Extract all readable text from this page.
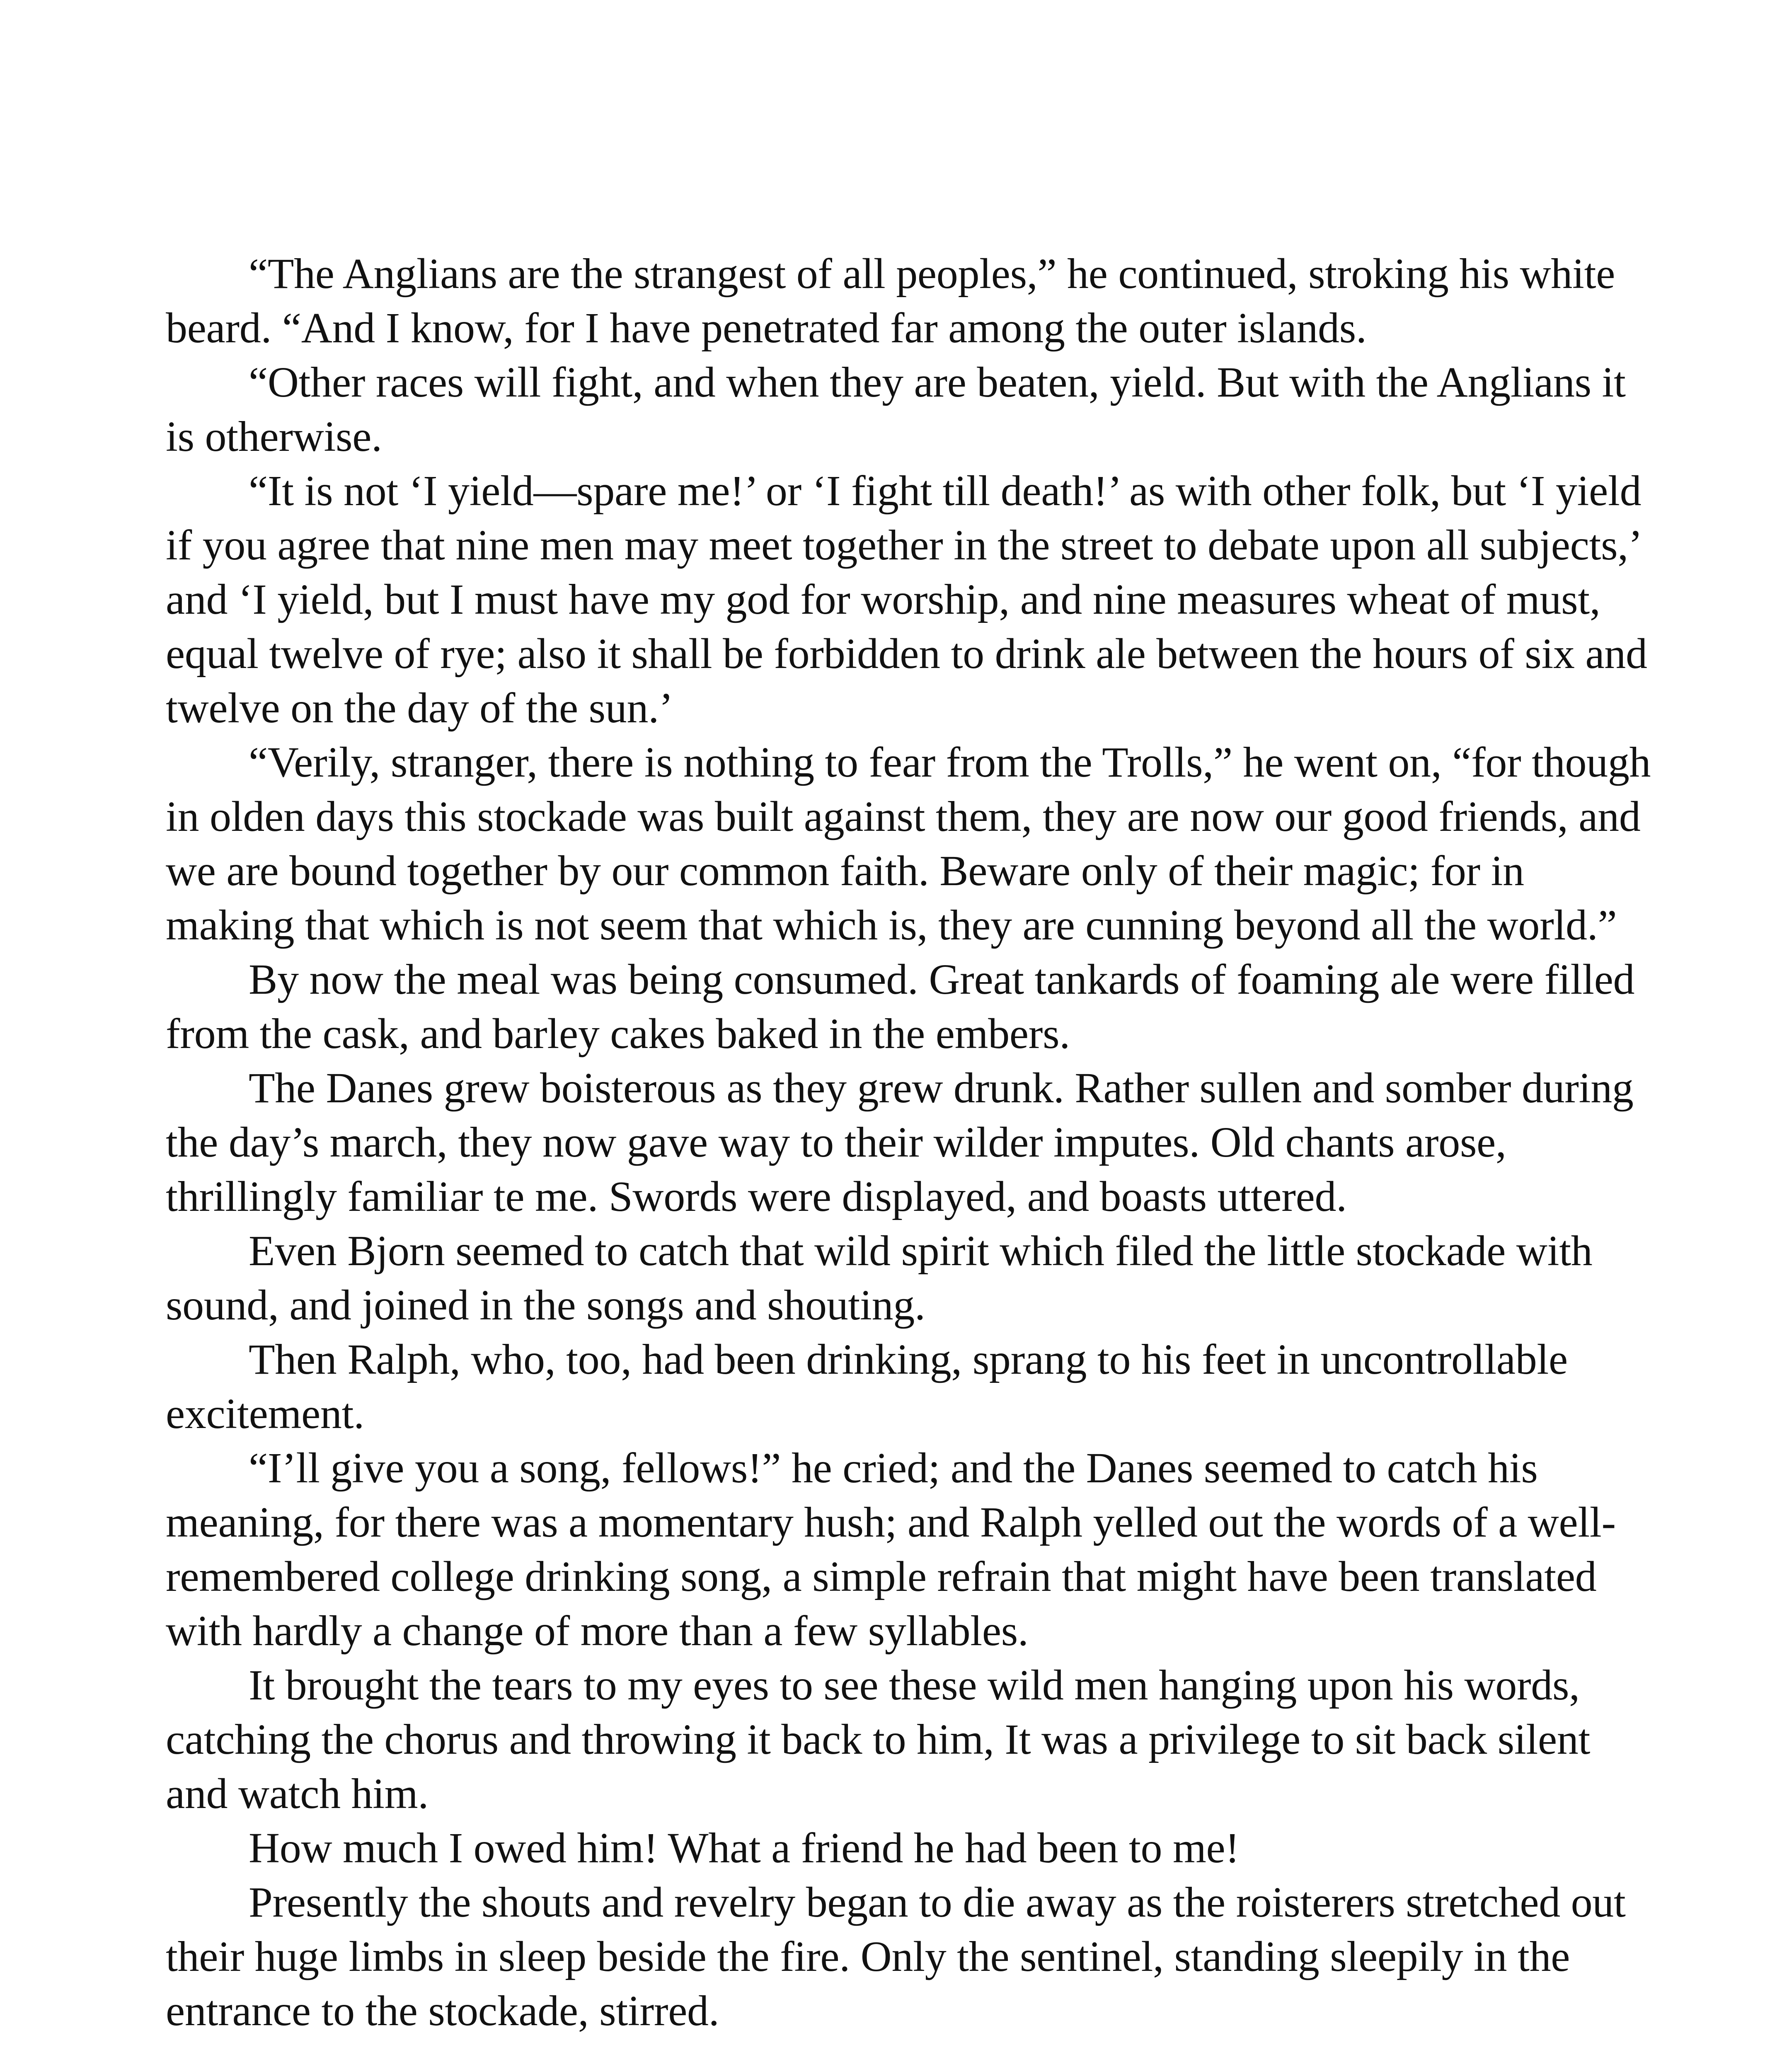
“The Anglians are the strangest of all peoples,” he continued, stroking his white beard. “And I know, for I have penetrated far among the outer islands.

“Other races will fight, and when they are beaten, yield. But with the Anglians it is otherwise.

“It is not ‘I yield—spare me!’ or ‘I fight till death!’ as with other folk, but ‘I yield if you agree that nine men may meet together in the street to debate upon all subjects,’ and ‘I yield, but I must have my god for worship, and nine measures wheat of must, equal twelve of rye; also it shall be forbidden to drink ale between the hours of six and twelve on the day of the sun.’

“Verily, stranger, there is nothing to fear from the Trolls,” he went on, “for though in olden days this stockade was built against them, they are now our good friends, and we are bound together by our common faith. Beware only of their magic; for in making that which is not seem that which is, they are cunning beyond all the world.”

By now the meal was being consumed. Great tankards of foaming ale were filled from the cask, and barley cakes baked in the embers.

The Danes grew boisterous as they grew drunk. Rather sullen and somber during the day’s march, they now gave way to their wilder imputes. Old chants arose, thrillingly familiar te me. Swords were displayed, and boasts uttered.

Even Bjorn seemed to catch that wild spirit which filed the little stockade with sound, and joined in the songs and shouting.

Then Ralph, who, too, had been drinking, sprang to his feet in uncontrollable excitement.

“I’ll give you a song, fellows!” he cried; and the Danes seemed to catch his meaning, for there was a momentary hush; and Ralph yelled out the words of a well-remembered college drinking song, a simple refrain that might have been translated with hardly a change of more than a few syllables.

It brought the tears to my eyes to see these wild men hanging upon his words, catching the chorus and throwing it back to him, It was a privilege to sit back silent and watch him.

How much I owed him! What a friend he had been to me!

Presently the shouts and revelry began to die away as the roisterers stretched out their huge limbs in sleep beside the fire. Only the sentinel, standing sleepily in the entrance to the stockade, stirred.
